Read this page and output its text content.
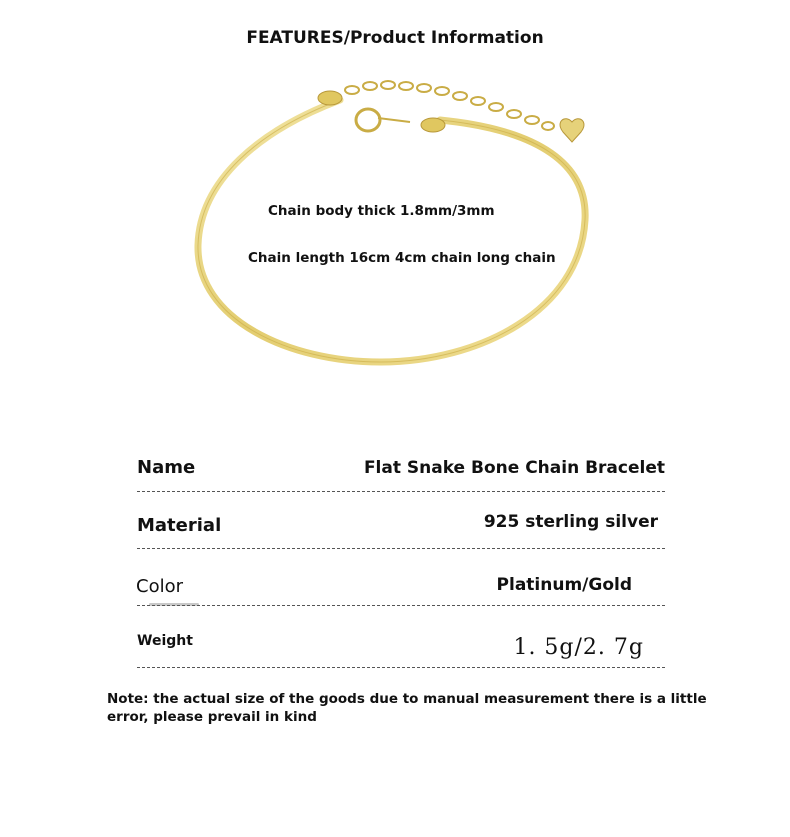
FEATURES/Product Information
Chain body thick 1.8mm/3mm
Chain length 16cm 4cm chain long chain
Name	Flat Snake Bone Chain Bracelet
Material	925 sterling silver
Color	Platinum/Gold
Weight	1. 5g/2. 7g
Note: the actual size of the goods due to manual measurement there is a little error, please prevail in kind
